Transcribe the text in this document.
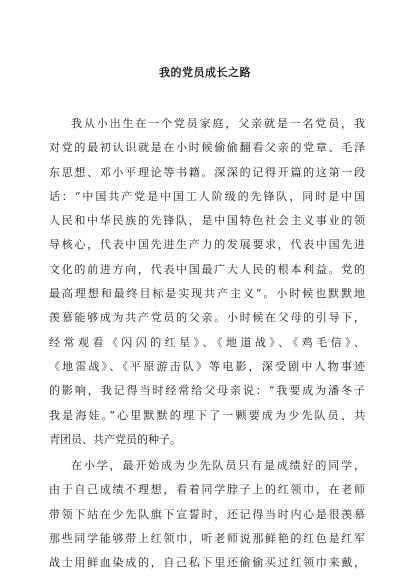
我的党员成长之路
我从小出生在一个党员家庭，父亲就是一名党员，我
对党的最初认识就是在小时候偷偷翻看父亲的党章、毛泽
东思想、邓小平理论等书籍。深深的记得开篇的这第一段
话：“中国共产党是中国工人阶级的先锋队，同时是中国
人民和中华民族的先锋队，是中国特色社会主义事业的领
导核心，代表中国先进生产力的发展要求，代表中国先进
文化的前进方向，代表中国最广大人民的根本利益。党的
最高理想和最终目标是实现共产主义”。小时候也默默地
羡慕能够成为共产党员的父亲。小时候在父母的引导下，
经常观看《闪闪的红星》、《地道战》、《鸡毛信》、
《地雷战》、《平原游击队》等电影，深受剧中人物事迹
的影响，我记得当时经常给父母亲说：“我要成为潘冬子
我是海娃。”心里默默的埋下了一颗要成为少先队员、共
青团员、共产党员的种子。
在小学，最开始成为少先队员只有是成绩好的同学，
由于自己成绩不理想，看着同学脖子上的红领巾，在老师
带领下站在少先队旗下宣誓时，还记得当时内心是很羡慕
那些同学能够带上红领巾，听老师说那鲜艳的红色是红军
战士用鲜血染成的，自己私下里还偷偷买过红领巾来戴，
